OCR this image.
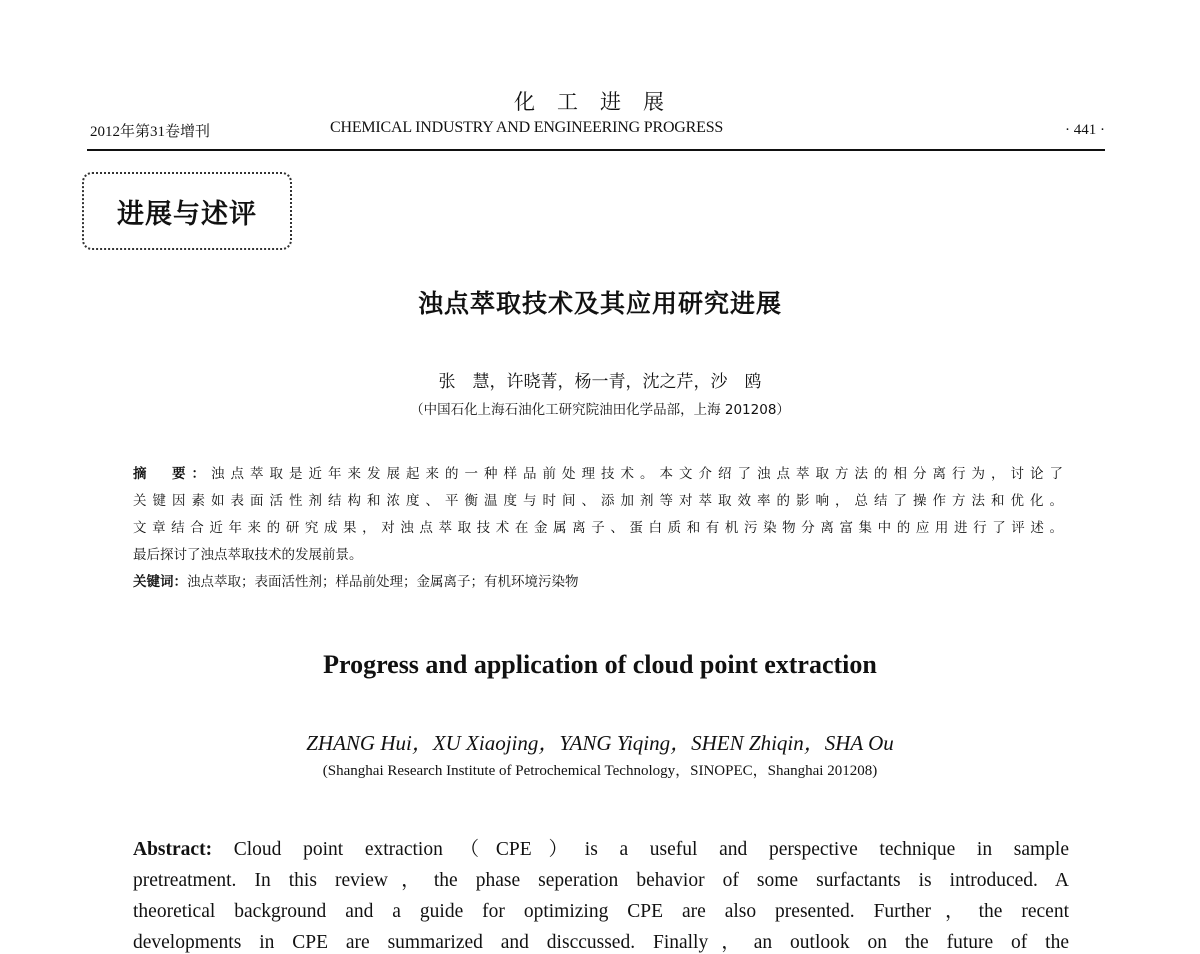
化工进展
2012年第31卷增刊	CHEMICAL INDUSTRY AND ENGINEERING PROGRESS	· 441 ·
进展与述评
浊点萃取技术及其应用研究进展
张　慧，许晓菁，杨一青，沈之芹，沙　鸥
（中国石化上海石油化工研究院油田化学品部，上海 201208）
摘　要：浊点萃取是近年来发展起来的一种样品前处理技术。本文介绍了浊点萃取方法的相分离行为，讨论了
关键因素如表面活性剂结构和浓度、平衡温度与时间、添加剂等对萃取效率的影响，总结了操作方法和优化。
文章结合近年来的研究成果，对浊点萃取技术在金属离子、蛋白质和有机污染物分离富集中的应用进行了评述。
最后探讨了浊点萃取技术的发展前景。
关键词：浊点萃取；表面活性剂；样品前处理；金属离子；有机环境污染物
Progress and application of cloud point extraction
ZHANG Hui，XU Xiaojing，YANG Yiqing，SHEN Zhiqin，SHA Ou
(Shanghai Research Institute of Petrochemical Technology，SINOPEC，Shanghai 201208)
Abstract: Cloud point extraction（CPE）is a useful and perspective technique in sample
pretreatment. In this review，the phase seperation behavior of some surfactants is introduced. A
theoretical background and a guide for optimizing CPE are also presented. Further，the recent
developments in CPE are summarized and disccussed. Finally，an outlook on the future of the
